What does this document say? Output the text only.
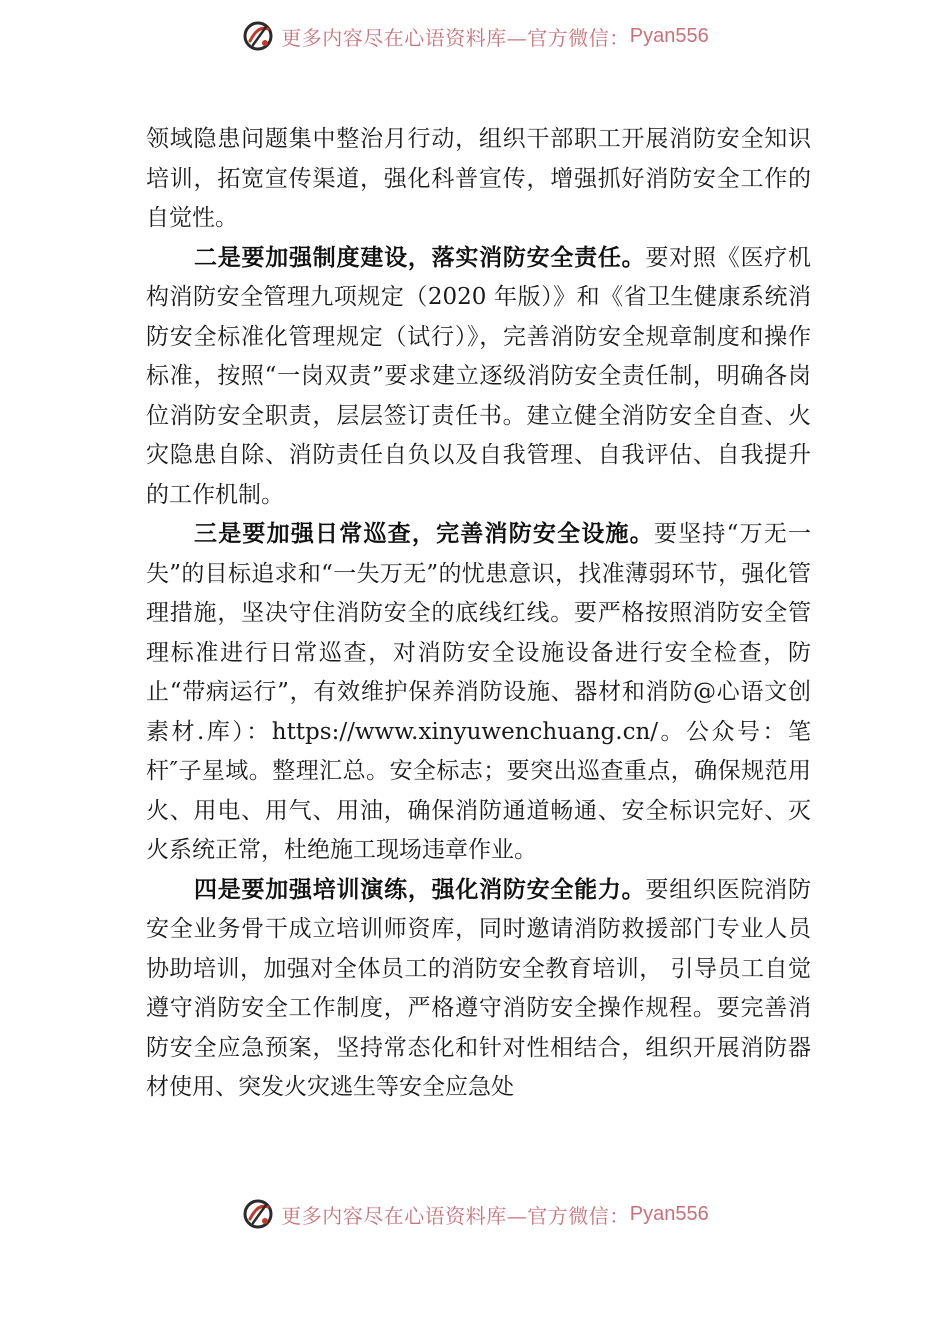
更多内容尽在心语资料库—官方微信： Pyan556

领域隐患问题集中整治月行动，组织干部职工开展消防安全知识培训，拓宽宣传渠道，强化科普宣传，增强抓好消防安全工作的自觉性。

二是要加强制度建设，落实消防安全责任。要对照《医疗机构消防安全管理九项规定（2020 年版）》和《省卫生健康系统消防安全标准化管理规定（试行）》，完善消防安全规章制度和操作标准，按照“一岗双责”要求建立逐级消防安全责任制，明确各岗位消防安全职责，层层签订责任书。建立健全消防安全自查、火灾隐患自除、消防责任自负以及自我管理、自我评估、自我提升的工作机制。

三是要加强日常巡查，完善消防安全设施。要坚持“万无一失”的目标追求和“一失万无”的忧患意识，找准薄弱环节，强化管理措施，坚决守住消防安全的底线红线。要严格按照消防安全管理标准进行日常巡查，对消防安全设施设备进行安全检查，防止“带病运行”，有效维护保养消防设施、器材和消防@心语文创素材.库）：https://www.xinyuwenchuang.cn/。公众号：笔杆″子星域。整理汇总。安全标志；要突出巡查重点，确保规范用火、用电、用气、用油，确保消防通道畅通、安全标识完好、灭火系统正常，杜绝施工现场违章作业。

四是要加强培训演练，强化消防安全能力。要组织医院消防安全业务骨干成立培训师资库，同时邀请消防救援部门专业人员协助培训，加强对全体员工的消防安全教育培训， 引导员工自觉遵守消防安全工作制度，严格遵守消防安全操作规程。要完善消防安全应急预案，坚持常态化和针对性相结合，组织开展消防器材使用、突发火灾逃生等安全应急处

更多内容尽在心语资料库—官方微信： Pyan556
